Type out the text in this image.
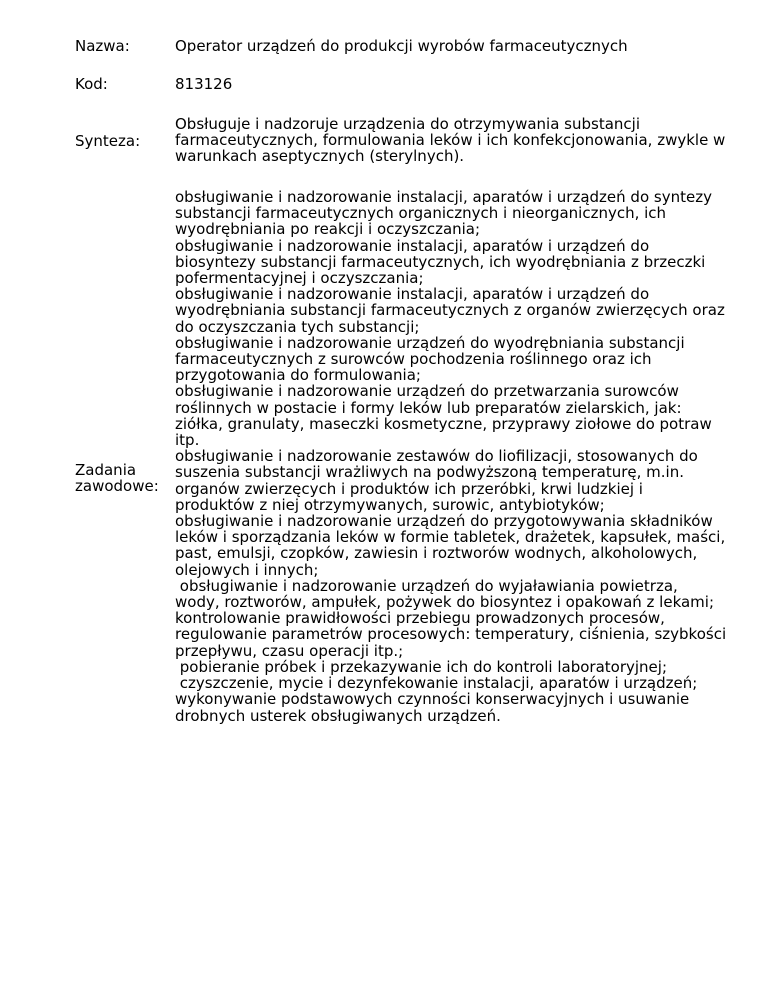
Nazwa:	Operator urządzeń do produkcji wyrobów farmaceutycznych
Kod:	813126
Synteza:
Obsługuje i nadzoruje urządzenia do otrzymywania substancji
farmaceutycznych, formulowania leków i ich konfekcjonowania, zwykle w
warunkach aseptycznych (sterylnych).
Zadania
zawodowe:
obsługiwanie i nadzorowanie instalacji, aparatów i urządzeń do syntezy
substancji farmaceutycznych organicznych i nieorganicznych, ich
wyodrębniania po reakcji i oczyszczania;
obsługiwanie i nadzorowanie instalacji, aparatów i urządzeń do
biosyntezy substancji farmaceutycznych, ich wyodrębniania z brzeczki
pofermentacyjnej i oczyszczania;
obsługiwanie i nadzorowanie instalacji, aparatów i urządzeń do
wyodrębniania substancji farmaceutycznych z organów zwierzęcych oraz
do oczyszczania tych substancji;
obsługiwanie i nadzorowanie urządzeń do wyodrębniania substancji
farmaceutycznych z surowców pochodzenia roślinnego oraz ich
przygotowania do formulowania;
obsługiwanie i nadzorowanie urządzeń do przetwarzania surowców
roślinnych w postacie i formy leków lub preparatów zielarskich, jak:
ziółka, granulaty, maseczki kosmetyczne, przyprawy ziołowe do potraw
itp.
obsługiwanie i nadzorowanie zestawów do liofilizacji, stosowanych do
suszenia substancji wrażliwych na podwyższoną temperaturę, m.in.
organów zwierzęcych i produktów ich przeróbki, krwi ludzkiej i
produktów z niej otrzymywanych, surowic, antybiotyków;
obsługiwanie i nadzorowanie urządzeń do przygotowywania składników
leków i sporządzania leków w formie tabletek, drażetek, kapsułek, maści,
past, emulsji, czopków, zawiesin i roztworów wodnych, alkoholowych,
olejowych i innych;
obsługiwanie i nadzorowanie urządzeń do wyjaławiania powietrza,
wody, roztworów, ampułek, pożywek do biosyntez i opakowań z lekami;
kontrolowanie prawidłowości przebiegu prowadzonych procesów,
regulowanie parametrów procesowych: temperatury, ciśnienia, szybkości
przepływu, czasu operacji itp.;
pobieranie próbek i przekazywanie ich do kontroli laboratoryjnej;
czyszczenie, mycie i dezynfekowanie instalacji, aparatów i urządzeń;
wykonywanie podstawowych czynności konserwacyjnych i usuwanie
drobnych usterek obsługiwanych urządzeń.
